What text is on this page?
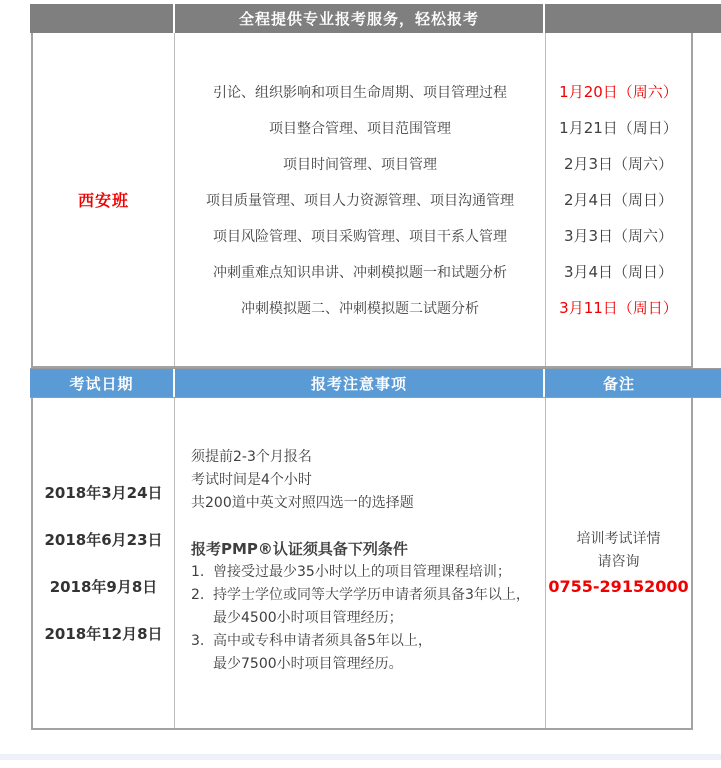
全程提供专业报考服务，轻松报考
西安班
引论、组织影响和项目生命周期、项目管理过程
项目整合管理、项目范围管理
项目时间管理、项目管理
项目质量管理、项目人力资源管理、项目沟通管理
项目风险管理、项目采购管理、项目干系人管理
冲刺重难点知识串讲、冲刺模拟题一和试题分析
冲刺模拟题二、冲刺模拟题二试题分析
1月20日（周六）
1月21日（周日）
2月3日（周六）
2月4日（周日）
3月3日（周六）
3月4日（周日）
3月11日（周日）
考试日期	报考注意事项	备注
2018年3月24日
2018年6月23日
2018年9月8日
2018年12月8日
须提前2-3个月报名
考试时间是4个小时
共200道中英文对照四选一的选择题
报考PMP®认证须具备下列条件
1. 曾接受过最少35小时以上的项目管理课程培训；
2. 持学士学位或同等大学学历申请者须具备3年以上，
最少4500小时项目管理经历；
3. 高中或专科申请者须具备5年以上，
最少7500小时项目管理经历。
培训考试详情
请咨询
0755-29152000
